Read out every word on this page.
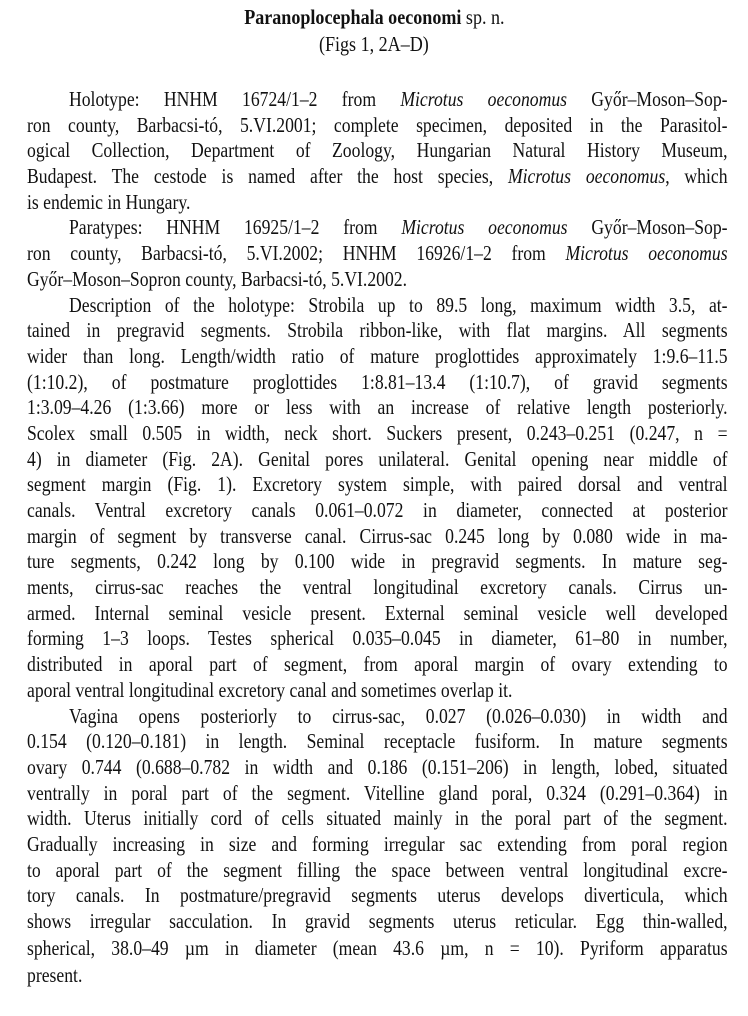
Paranoplocephala oeconomi sp. n.
(Figs 1, 2A–D)
Holotype: HNHM 16724/1–2 from Microtus oeconomus Győr–Moson–Sop-
ron county, Barbacsi-tó, 5.VI.2001; complete specimen, deposited in the Parasitol-
ogical Collection, Department of Zoology, Hungarian Natural History Museum,
Budapest. The cestode is named after the host species, Microtus oeconomus, which
is endemic in Hungary.
Paratypes: HNHM 16925/1–2 from Microtus oeconomus Győr–Moson–Sop-
ron county, Barbacsi-tó, 5.VI.2002; HNHM 16926/1–2 from Microtus oeconomus
Győr–Moson–Sopron county, Barbacsi-tó, 5.VI.2002.
Description of the holotype: Strobila up to 89.5 long, maximum width 3.5, at-
tained in pregravid segments. Strobila ribbon-like, with flat margins. All segments
wider than long. Length/width ratio of mature proglottides approximately 1:9.6–11.5
(1:10.2), of postmature proglottides 1:8.81–13.4 (1:10.7), of gravid segments
1:3.09–4.26 (1:3.66) more or less with an increase of relative length posteriorly.
Scolex small 0.505 in width, neck short. Suckers present, 0.243–0.251 (0.247, n =
4) in diameter (Fig. 2A). Genital pores unilateral. Genital opening near middle of
segment margin (Fig. 1). Excretory system simple, with paired dorsal and ventral
canals. Ventral excretory canals 0.061–0.072 in diameter, connected at posterior
margin of segment by transverse canal. Cirrus-sac 0.245 long by 0.080 wide in ma-
ture segments, 0.242 long by 0.100 wide in pregravid segments. In mature seg-
ments, cirrus-sac reaches the ventral longitudinal excretory canals. Cirrus un-
armed. Internal seminal vesicle present. External seminal vesicle well developed
forming 1–3 loops. Testes spherical 0.035–0.045 in diameter, 61–80 in number,
distributed in aporal part of segment, from aporal margin of ovary extending to
aporal ventral longitudinal excretory canal and sometimes overlap it.
Vagina opens posteriorly to cirrus-sac, 0.027 (0.026–0.030) in width and
0.154 (0.120–0.181) in length. Seminal receptacle fusiform. In mature segments
ovary 0.744 (0.688–0.782 in width and 0.186 (0.151–206) in length, lobed, situated
ventrally in poral part of the segment. Vitelline gland poral, 0.324 (0.291–0.364) in
width. Uterus initially cord of cells situated mainly in the poral part of the segment.
Gradually increasing in size and forming irregular sac extending from poral region
to aporal part of the segment filling the space between ventral longitudinal excre-
tory canals. In postmature/pregravid segments uterus develops diverticula, which
shows irregular sacculation. In gravid segments uterus reticular. Egg thin-walled,
spherical, 38.0–49 µm in diameter (mean 43.6 µm, n = 10). Pyriform apparatus
present.
